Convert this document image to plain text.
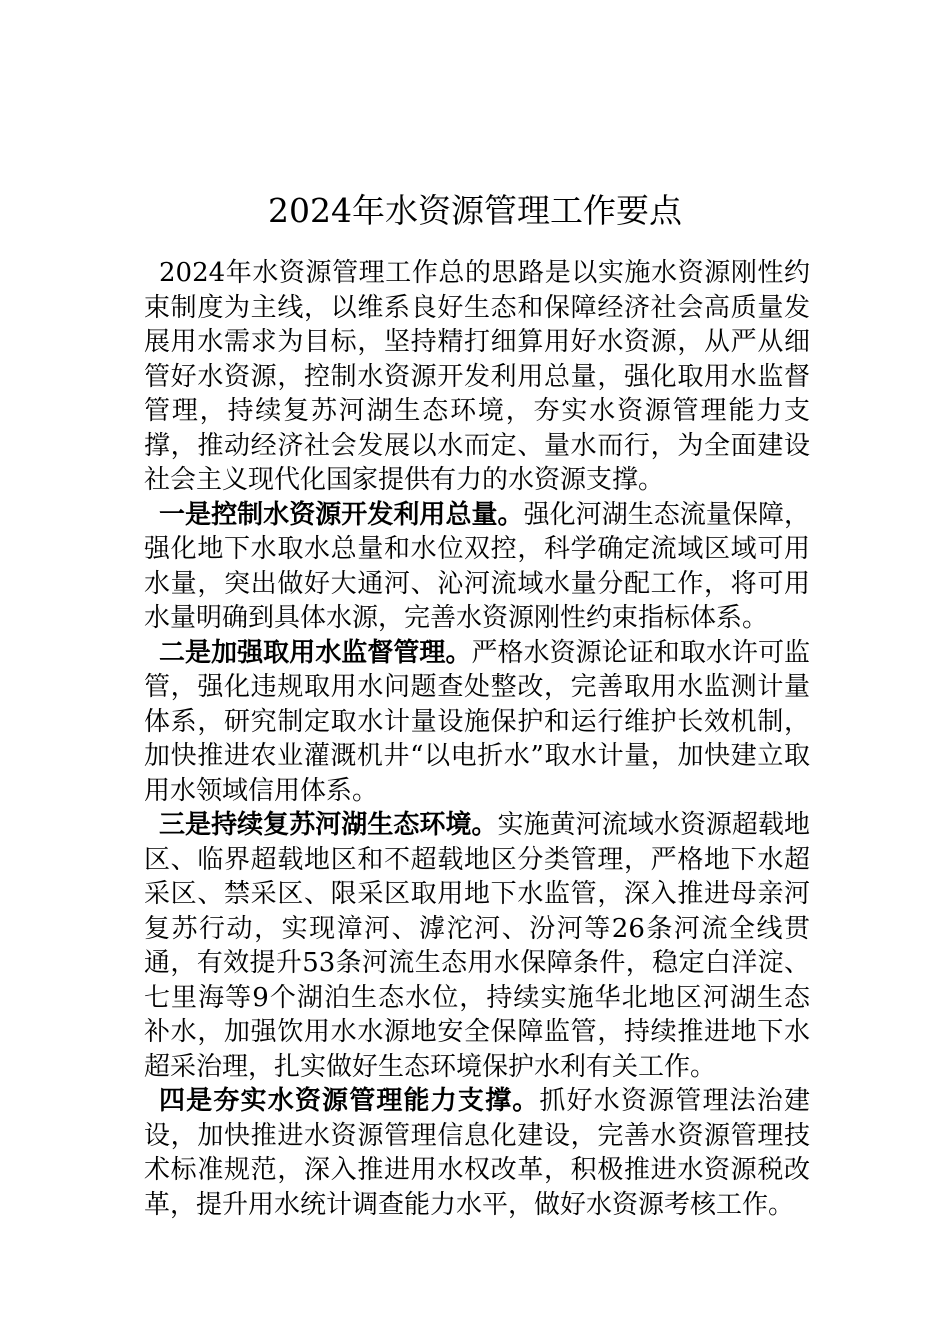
2024年水资源管理工作要点

2024年水资源管理工作总的思路是以实施水资源刚性约束制度为主线，以维系良好生态和保障经济社会高质量发展用水需求为目标，坚持精打细算用好水资源，从严从细管好水资源，控制水资源开发利用总量，强化取用水监督管理，持续复苏河湖生态环境，夯实水资源管理能力支撑，推动经济社会发展以水而定、量水而行，为全面建设社会主义现代化国家提供有力的水资源支撑。

一是控制水资源开发利用总量。强化河湖生态流量保障，强化地下水取水总量和水位双控，科学确定流域区域可用水量，突出做好大通河、沁河流域水量分配工作，将可用水量明确到具体水源，完善水资源刚性约束指标体系。

二是加强取用水监督管理。严格水资源论证和取水许可监管，强化违规取用水问题查处整改，完善取用水监测计量体系，研究制定取水计量设施保护和运行维护长效机制，加快推进农业灌溉机井“以电折水”取水计量，加快建立取用水领域信用体系。

三是持续复苏河湖生态环境。实施黄河流域水资源超载地区、临界超载地区和不超载地区分类管理，严格地下水超采区、禁采区、限采区取用地下水监管，深入推进母亲河复苏行动，实现漳河、滹沱河、汾河等26条河流全线贯通，有效提升53条河流生态用水保障条件，稳定白洋淀、七里海等9个湖泊生态水位，持续实施华北地区河湖生态补水，加强饮用水水源地安全保障监管，持续推进地下水超采治理，扎实做好生态环境保护水利有关工作。

四是夯实水资源管理能力支撑。抓好水资源管理法治建设，加快推进水资源管理信息化建设，完善水资源管理技术标准规范，深入推进用水权改革，积极推进水资源税改革，提升用水统计调查能力水平，做好水资源考核工作。
